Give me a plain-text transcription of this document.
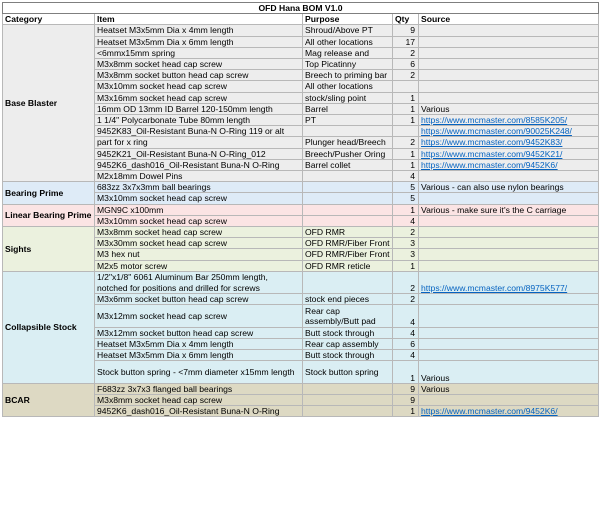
OFD Hana BOM V1.0				
Category	Item	Purpose	Qty	Source
Base Blaster	Heatset M3x5mm Dia x 4mm length	Shroud/Above PT	9	
	Heatset M3x5mm Dia x 6mm length	All other locations	17	
	<6mmx15mm spring	Mag release and	2	
	M3x8mm socket head cap screw	Top Picatinny	6	
	M3x8mm socket button head cap screw	Breech to priming bar	2	
	M3x10mm socket head cap screw	All other locations		
	M3x16mm socket head cap screw	stock/sling point	1	
	16mm OD 13mm ID Barrel 120-150mm length	Barrel	1	Various
	1 1/4" Polycarbonate Tube 80mm length	PT	1	https://www.mcmaster.com/8585K205/
	9452K83_Oil-Resistant Buna-N O-Ring 119 or alt			https://www.mcmaster.com/90025K248/
	part for x ring	Plunger head/Breech	2	https://www.mcmaster.com/9452K83/
	9452K21_Oil-Resistant Buna-N O-Ring_012	Breech/Pusher Oring	1	https://www.mcmaster.com/9452K21/
	9452K6_dash016_Oil-Resistant Buna-N O-Ring	Barrel collet	1	https://www.mcmaster.com/9452K6/
	M2x18mm Dowel Pins		4	
Bearing Prime	683zz 3x7x3mm ball bearings		5	Various - can also use nylon bearings
	M3x10mm socket head cap screw		5	
Linear Bearing Prime	MGN9C x100mm		1	Various - make sure it's the C carriage
	M3x10mm socket head cap screw		4	
Sights	M3x8mm socket head cap screw	OFD RMR	2	
	M3x30mm socket head cap screw	OFD RMR/Fiber Front	3	
	M3 hex nut	OFD RMR/Fiber Front	3	
	M2x5 motor screw	OFD RMR reticle	1	
Collapsible Stock	1/2"x1/8" 6061 Aluminum Bar 250mm length, notched for positions and drilled for screws		2	https://www.mcmaster.com/8975K577/
	M3x6mm socket button head cap screw	stock end pieces	2	
	M3x12mm socket head cap screw	Rear cap assembly/Butt pad	4	
	M3x12mm socket button head cap screw	Butt stock through	4	
	Heatset M3x5mm Dia x 4mm length	Rear cap assembly	6	
	Heatset M3x5mm Dia x 6mm length	Butt stock through	4	
	Stock button spring - <7mm diameter x15mm length	Stock button spring	1	Various
BCAR	F683zz 3x7x3 flanged ball bearings		9	Various
	M3x8mm socket head cap screw		9	
	9452K6_dash016_Oil-Resistant Buna-N O-Ring		1	https://www.mcmaster.com/9452K6/
